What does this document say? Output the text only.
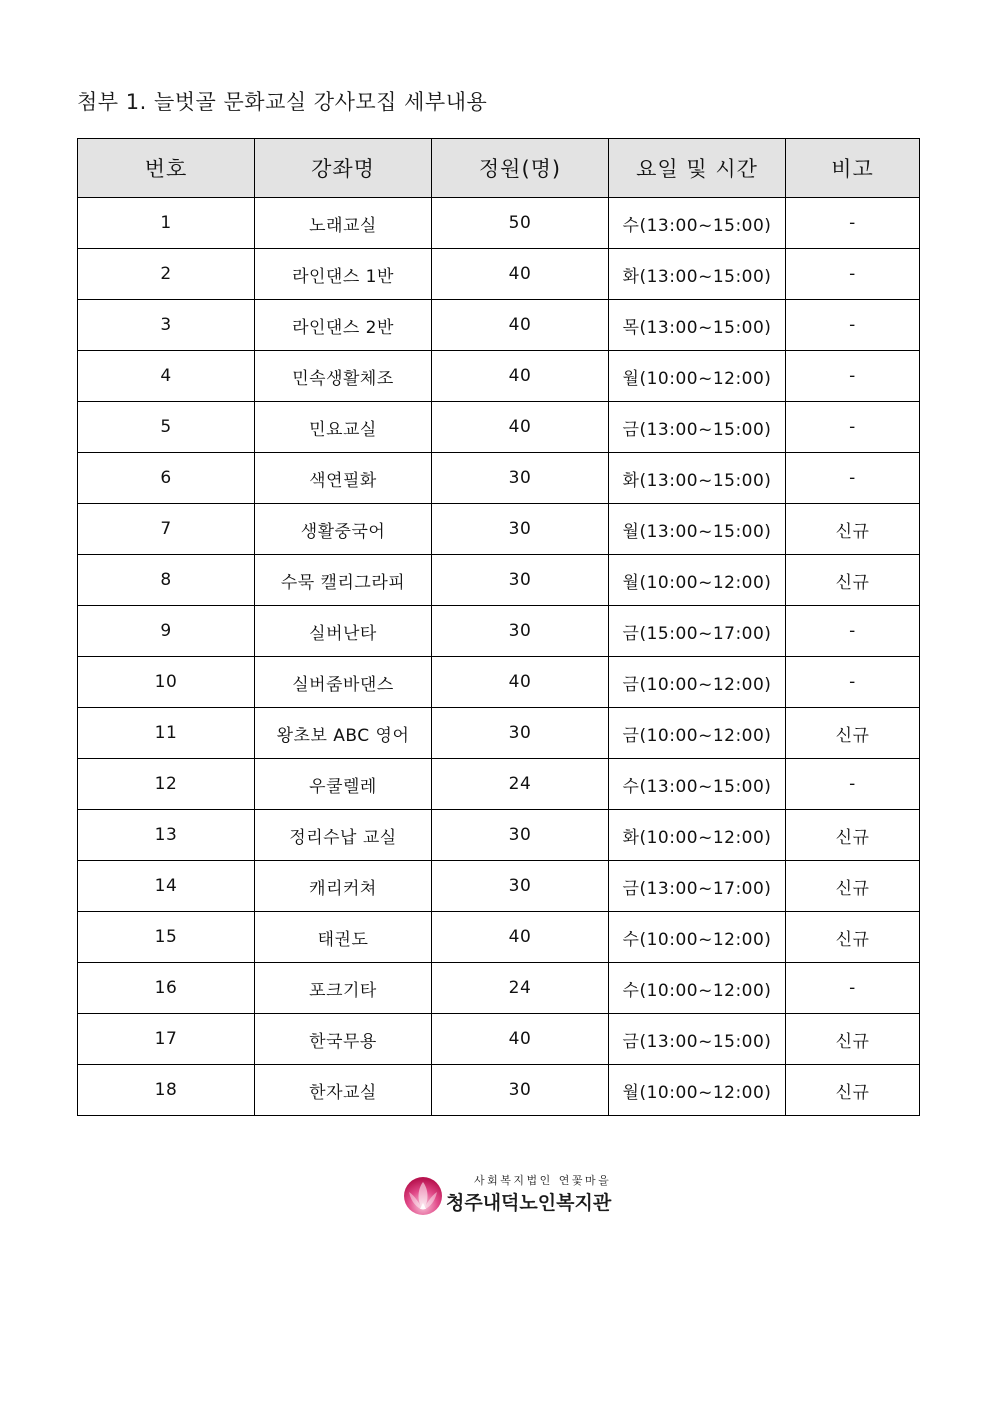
첨부 1. 늘벗골 문화교실 강사모집 세부내용
번호	강좌명	정원(명)	요일 및 시간	비고
1	노래교실	50	수(13:00~15:00)	-
2	라인댄스 1반	40	화(13:00~15:00)	-
3	라인댄스 2반	40	목(13:00~15:00)	-
4	민속생활체조	40	월(10:00~12:00)	-
5	민요교실	40	금(13:00~15:00)	-
6	색연필화	30	화(13:00~15:00)	-
7	생활중국어	30	월(13:00~15:00)	신규
8	수묵 캘리그라피	30	월(10:00~12:00)	신규
9	실버난타	30	금(15:00~17:00)	-
10	실버줌바댄스	40	금(10:00~12:00)	-
11	왕초보 ABC 영어	30	금(10:00~12:00)	신규
12	우쿨렐레	24	수(13:00~15:00)	-
13	정리수납 교실	30	화(10:00~12:00)	신규
14	캐리커쳐	30	금(13:00~17:00)	신규
15	태권도	40	수(10:00~12:00)	신규
16	포크기타	24	수(10:00~12:00)	-
17	한국무용	40	금(13:00~15:00)	신규
18	한자교실	30	월(10:00~12:00)	신규
사회복지법인 연꽃마을
청주내덕노인복지관
